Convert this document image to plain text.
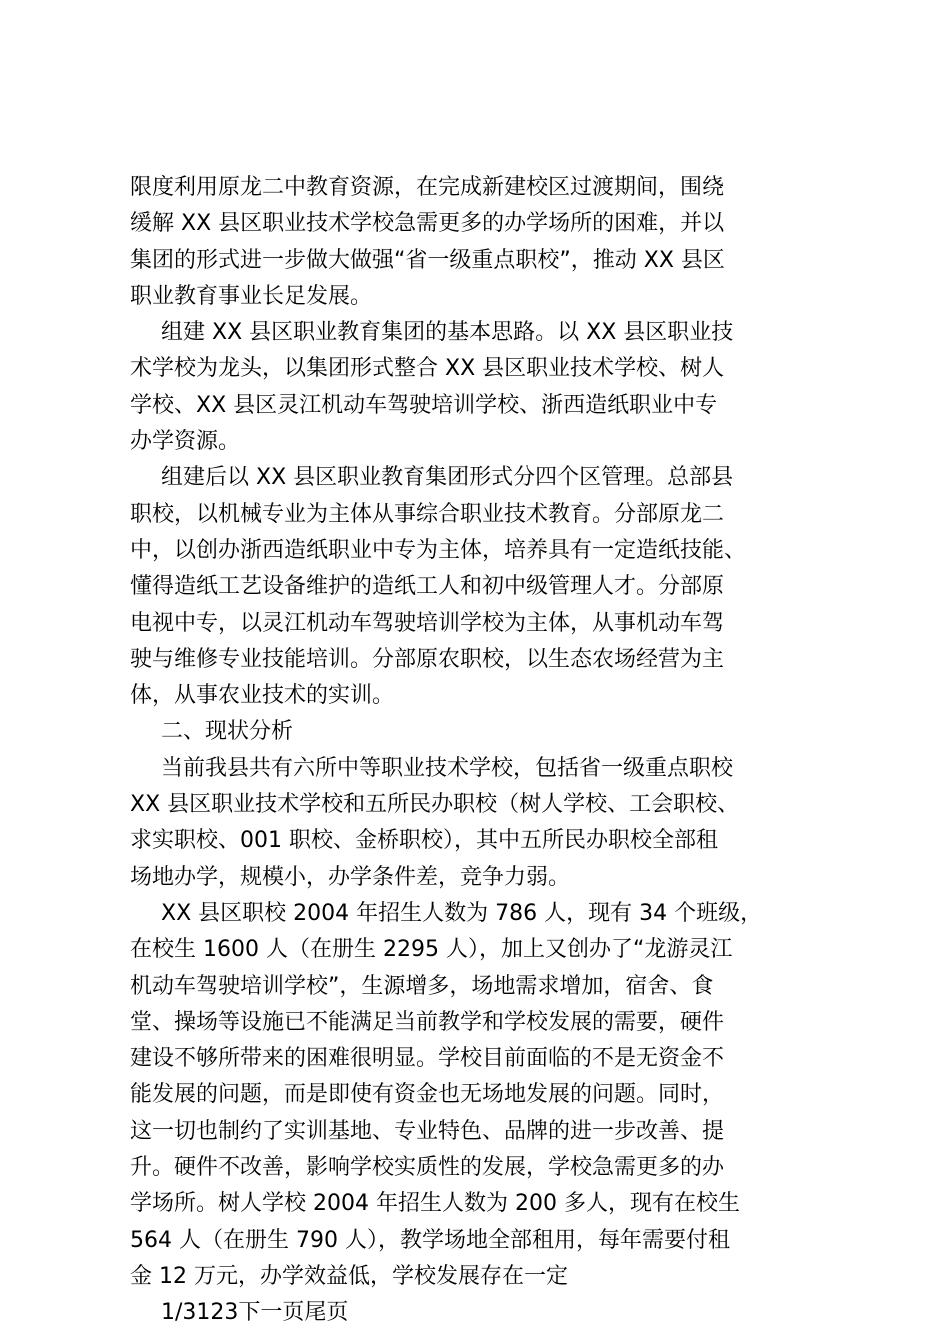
限度利用原龙二中教育资源，在完成新建校区过渡期间，围绕
缓解 XX 县区职业技术学校急需更多的办学场所的困难，并以
集团的形式进一步做大做强“省一级重点职校”，推动 XX 县区
职业教育事业长足发展。
组建 XX 县区职业教育集团的基本思路。以 XX 县区职业技
术学校为龙头，以集团形式整合 XX 县区职业技术学校、树人
学校、XX 县区灵江机动车驾驶培训学校、浙西造纸职业中专
办学资源。
组建后以 XX 县区职业教育集团形式分四个区管理。总部县
职校，以机械专业为主体从事综合职业技术教育。分部原龙二
中，以创办浙西造纸职业中专为主体，培养具有一定造纸技能、
懂得造纸工艺设备维护的造纸工人和初中级管理人才。分部原
电视中专，以灵江机动车驾驶培训学校为主体，从事机动车驾
驶与维修专业技能培训。分部原农职校，以生态农场经营为主
体，从事农业技术的实训。
二、现状分析
当前我县共有六所中等职业技术学校，包括省一级重点职校
XX 县区职业技术学校和五所民办职校（树人学校、工会职校、
求实职校、001 职校、金桥职校），其中五所民办职校全部租
场地办学，规模小，办学条件差，竞争力弱。
XX 县区职校 2004 年招生人数为 786 人，现有 34 个班级，
在校生 1600 人（在册生 2295 人），加上又创办了“龙游灵江
机动车驾驶培训学校”，生源增多，场地需求增加，宿舍、食
堂、操场等设施已不能满足当前教学和学校发展的需要，硬件
建设不够所带来的困难很明显。学校目前面临的不是无资金不
能发展的问题，而是即使有资金也无场地发展的问题。同时，
这一切也制约了实训基地、专业特色、品牌的进一步改善、提
升。硬件不改善，影响学校实质性的发展，学校急需更多的办
学场所。树人学校 2004 年招生人数为 200 多人，现有在校生
564 人（在册生 790 人），教学场地全部租用，每年需要付租
金 12 万元，办学效益低，学校发展存在一定
1/3123下一页尾页
